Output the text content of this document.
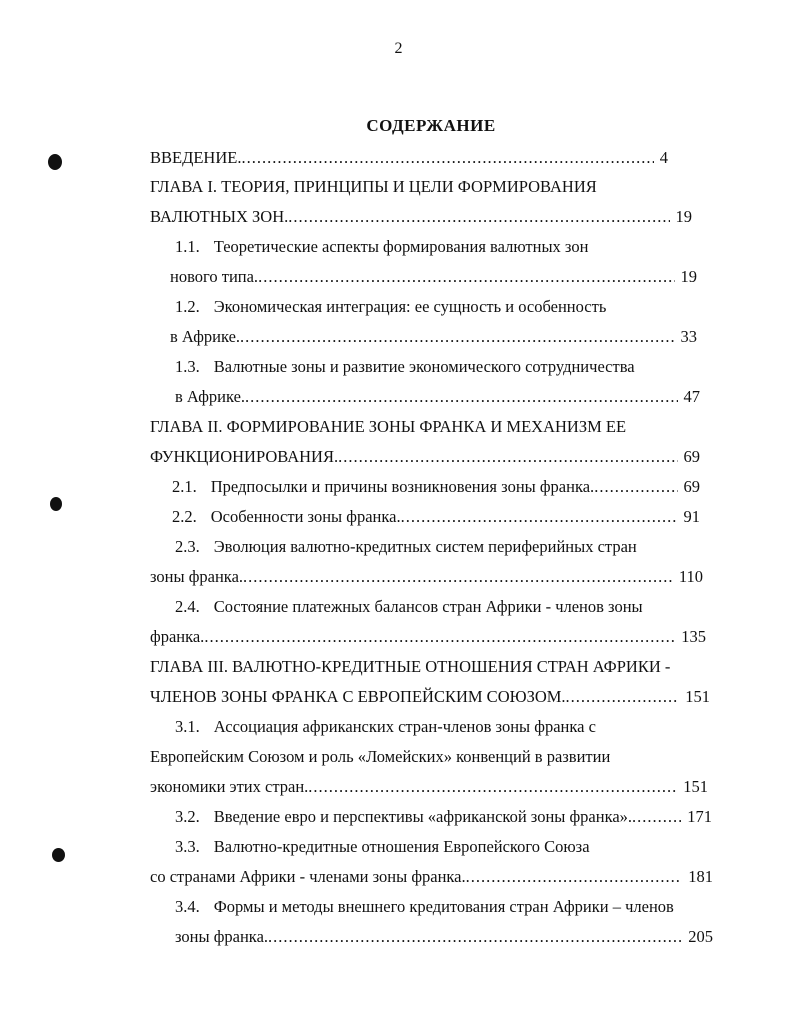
2
СОДЕРЖАНИЕ
ВВЕДЕНИЕ. .....	4
ГЛАВА I. ТЕОРИЯ, ПРИНЦИПЫ И ЦЕЛИ ФОРМИРОВАНИЯ
ВАЛЮТНЫХ ЗОН. .....	19
1.1. Теоретические аспекты формирования валютных зон
нового типа. .....	19
1.2. Экономическая интеграция: ее сущность и особенность
в Африке. .....	33
1.3. Валютные зоны и развитие экономического сотрудничества
в Африке. .....	47
ГЛАВА II. ФОРМИРОВАНИЕ ЗОНЫ ФРАНКА И МЕХАНИЗМ ЕЕ
ФУНКЦИОНИРОВАНИЯ. .....	69
2.1. Предпосылки и причины возникновения зоны франка. .....	69
2.2. Особенности зоны франка. .....	91
2.3. Эволюция валютно-кредитных систем периферийных стран
зоны франка. .....	110
2.4. Состояние платежных балансов стран Африки - членов зоны
франка. .....	135
ГЛАВА III. ВАЛЮТНО-КРЕДИТНЫЕ ОТНОШЕНИЯ СТРАН АФРИКИ -
ЧЛЕНОВ ЗОНЫ ФРАНКА С ЕВРОПЕЙСКИМ СОЮЗОМ. .....	151
3.1. Ассоциация африканских стран-членов зоны франка с
Европейским Союзом и роль «Ломейских» конвенций в развитии
экономики этих стран. .....	151
3.2. Введение евро и перспективы «африканской зоны франка». .....	171
3.3. Валютно-кредитные отношения Европейского Союза
со странами Африки - членами зоны франка. .....	181
3.4. Формы и методы внешнего кредитования стран Африки – членов
зоны франка. .....	205
